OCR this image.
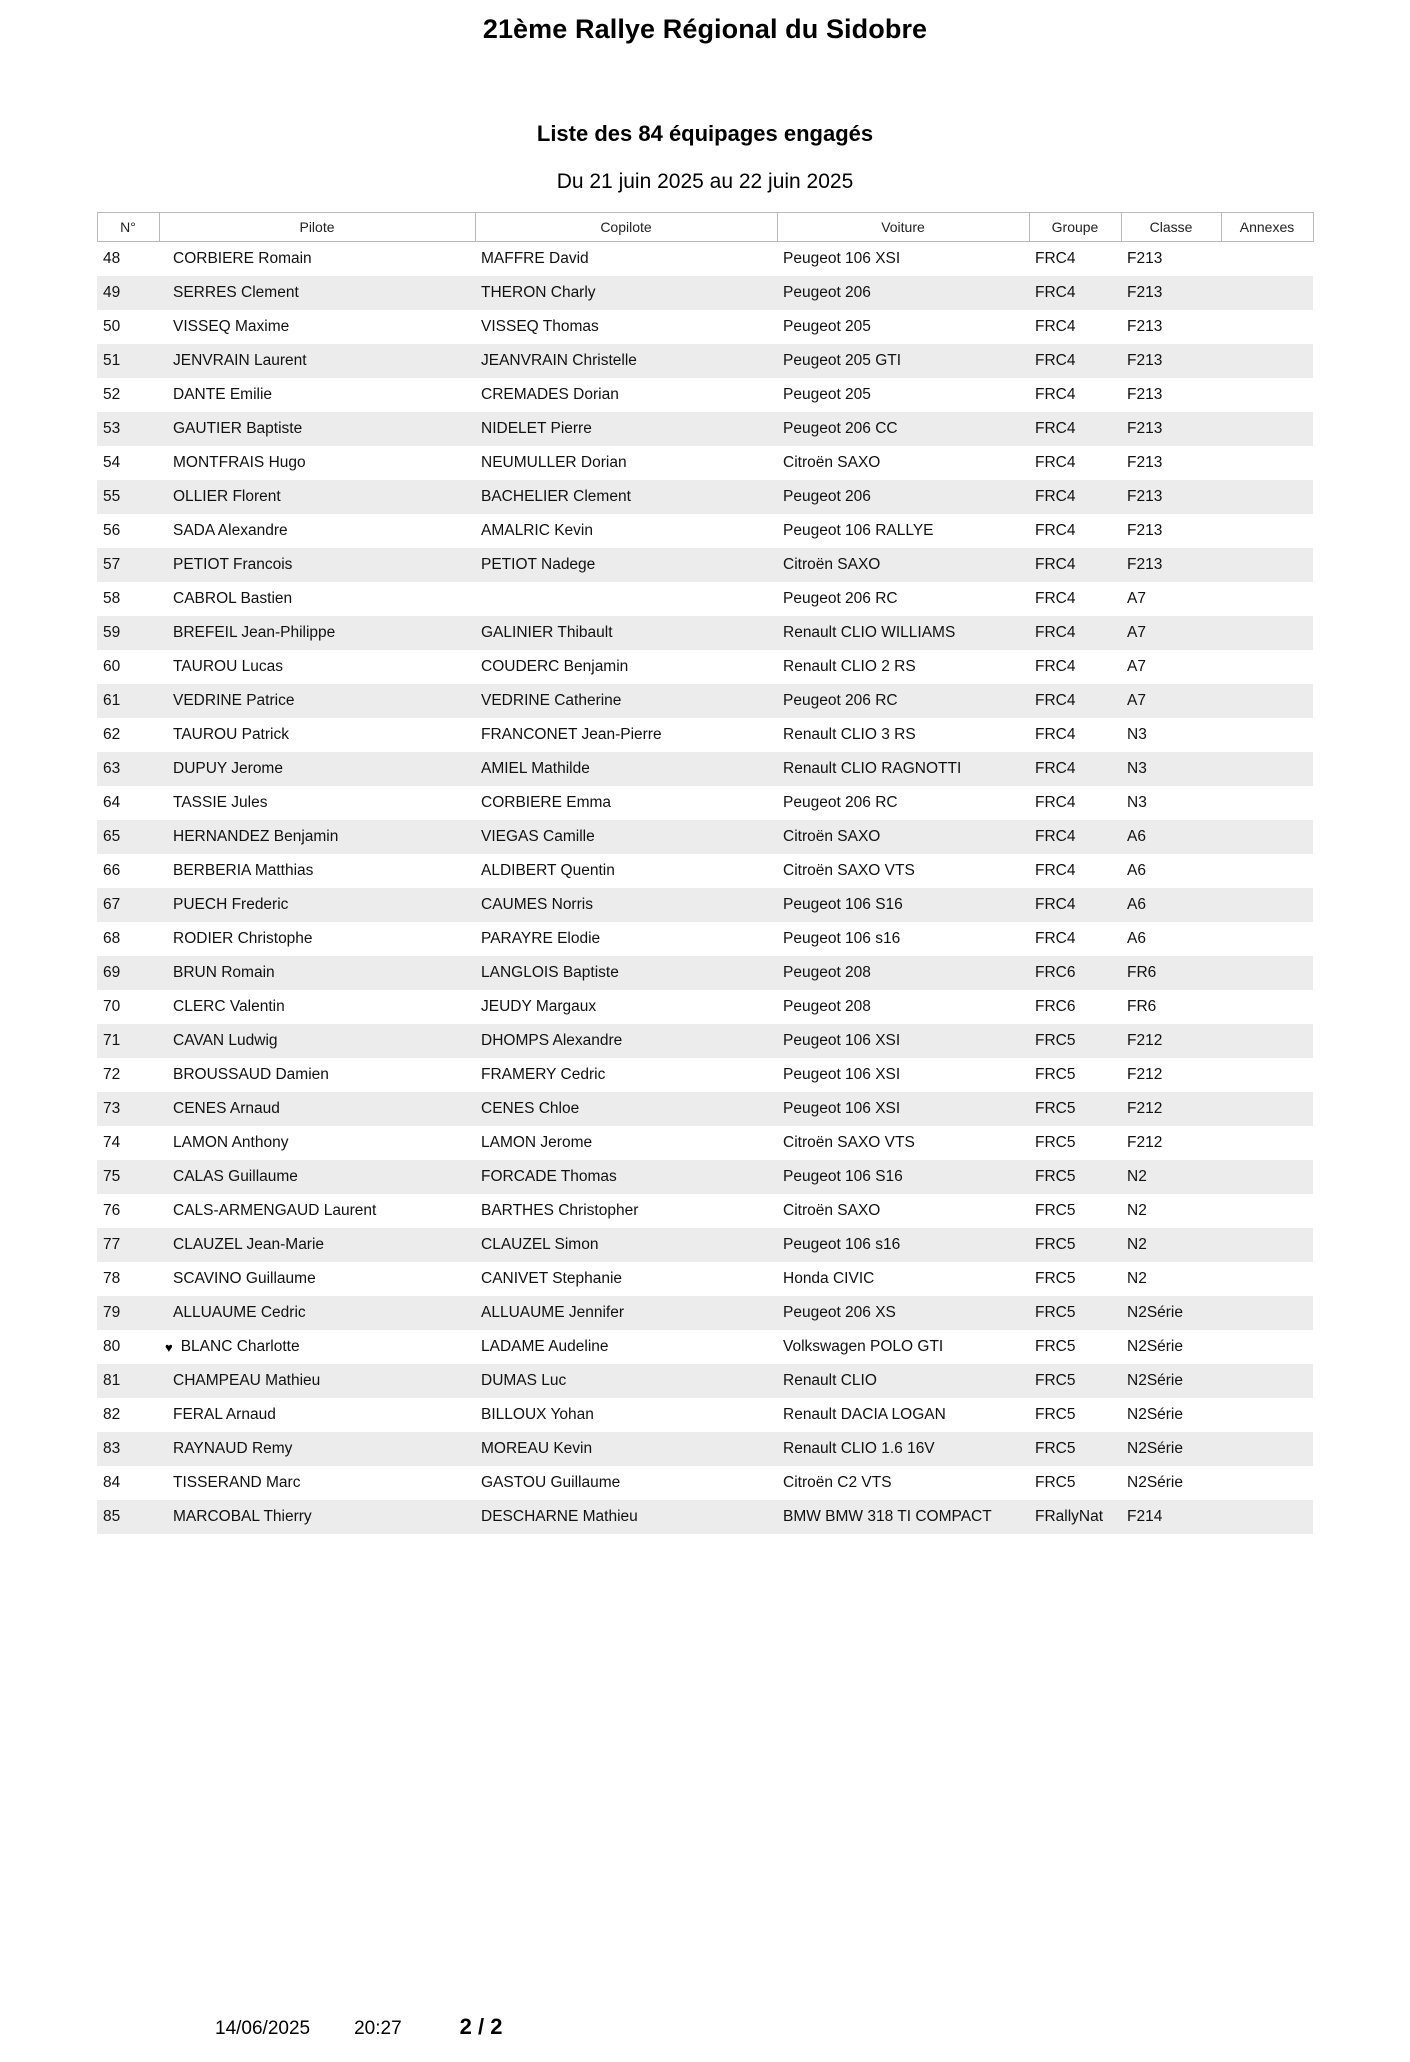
21ème Rallye Régional du Sidobre
Liste des 84 équipages engagés
Du 21 juin 2025 au 22 juin 2025
N°	Pilote	Copilote	Voiture	Groupe	Classe	Annexes
48	CORBIERE Romain	MAFFRE David	Peugeot 106 XSI	FRC4	F213	
49	SERRES Clement	THERON Charly	Peugeot 206	FRC4	F213	
50	VISSEQ Maxime	VISSEQ Thomas	Peugeot 205	FRC4	F213	
51	JENVRAIN Laurent	JEANVRAIN Christelle	Peugeot 205 GTI	FRC4	F213	
52	DANTE Emilie	CREMADES Dorian	Peugeot 205	FRC4	F213	
53	GAUTIER Baptiste	NIDELET Pierre	Peugeot 206 CC	FRC4	F213	
54	MONTFRAIS Hugo	NEUMULLER Dorian	Citroën SAXO	FRC4	F213	
55	OLLIER Florent	BACHELIER Clement	Peugeot 206	FRC4	F213	
56	SADA Alexandre	AMALRIC Kevin	Peugeot 106 RALLYE	FRC4	F213	
57	PETIOT Francois	PETIOT Nadege	Citroën SAXO	FRC4	F213	
58	CABROL Bastien		Peugeot 206 RC	FRC4	A7	
59	BREFEIL Jean-Philippe	GALINIER Thibault	Renault CLIO WILLIAMS	FRC4	A7	
60	TAUROU Lucas	COUDERC Benjamin	Renault CLIO 2 RS	FRC4	A7	
61	VEDRINE Patrice	VEDRINE Catherine	Peugeot 206 RC	FRC4	A7	
62	TAUROU Patrick	FRANCONET Jean-Pierre	Renault CLIO 3 RS	FRC4	N3	
63	DUPUY Jerome	AMIEL Mathilde	Renault CLIO RAGNOTTI	FRC4	N3	
64	TASSIE Jules	CORBIERE Emma	Peugeot 206 RC	FRC4	N3	
65	HERNANDEZ Benjamin	VIEGAS Camille	Citroën SAXO	FRC4	A6	
66	BERBERIA Matthias	ALDIBERT Quentin	Citroën SAXO VTS	FRC4	A6	
67	PUECH Frederic	CAUMES Norris	Peugeot 106 S16	FRC4	A6	
68	RODIER Christophe	PARAYRE Elodie	Peugeot 106 s16	FRC4	A6	
69	BRUN Romain	LANGLOIS Baptiste	Peugeot 208	FRC6	FR6	
70	CLERC Valentin	JEUDY Margaux	Peugeot 208	FRC6	FR6	
71	CAVAN Ludwig	DHOMPS Alexandre	Peugeot 106 XSI	FRC5	F212	
72	BROUSSAUD Damien	FRAMERY Cedric	Peugeot 106 XSI	FRC5	F212	
73	CENES Arnaud	CENES Chloe	Peugeot 106 XSI	FRC5	F212	
74	LAMON Anthony	LAMON Jerome	Citroën SAXO VTS	FRC5	F212	
75	CALAS Guillaume	FORCADE Thomas	Peugeot 106 S16	FRC5	N2	
76	CALS-ARMENGAUD Laurent	BARTHES Christopher	Citroën SAXO	FRC5	N2	
77	CLAUZEL Jean-Marie	CLAUZEL Simon	Peugeot 106 s16	FRC5	N2	
78	SCAVINO Guillaume	CANIVET Stephanie	Honda CIVIC	FRC5	N2	
79	ALLUAUME Cedric	ALLUAUME Jennifer	Peugeot 206 XS	FRC5	N2Série	
80	♥ BLANC Charlotte	LADAME Audeline	Volkswagen POLO GTI	FRC5	N2Série	
81	CHAMPEAU Mathieu	DUMAS Luc	Renault CLIO	FRC5	N2Série	
82	FERAL Arnaud	BILLOUX Yohan	Renault DACIA LOGAN	FRC5	N2Série	
83	RAYNAUD Remy	MOREAU Kevin	Renault CLIO 1.6 16V	FRC5	N2Série	
84	TISSERAND Marc	GASTOU Guillaume	Citroën C2 VTS	FRC5	N2Série	
85	MARCOBAL Thierry	DESCHARNE Mathieu	BMW BMW 318 TI COMPACT	FRallyNat	F214	
14/06/2025 20:27	2 / 2
